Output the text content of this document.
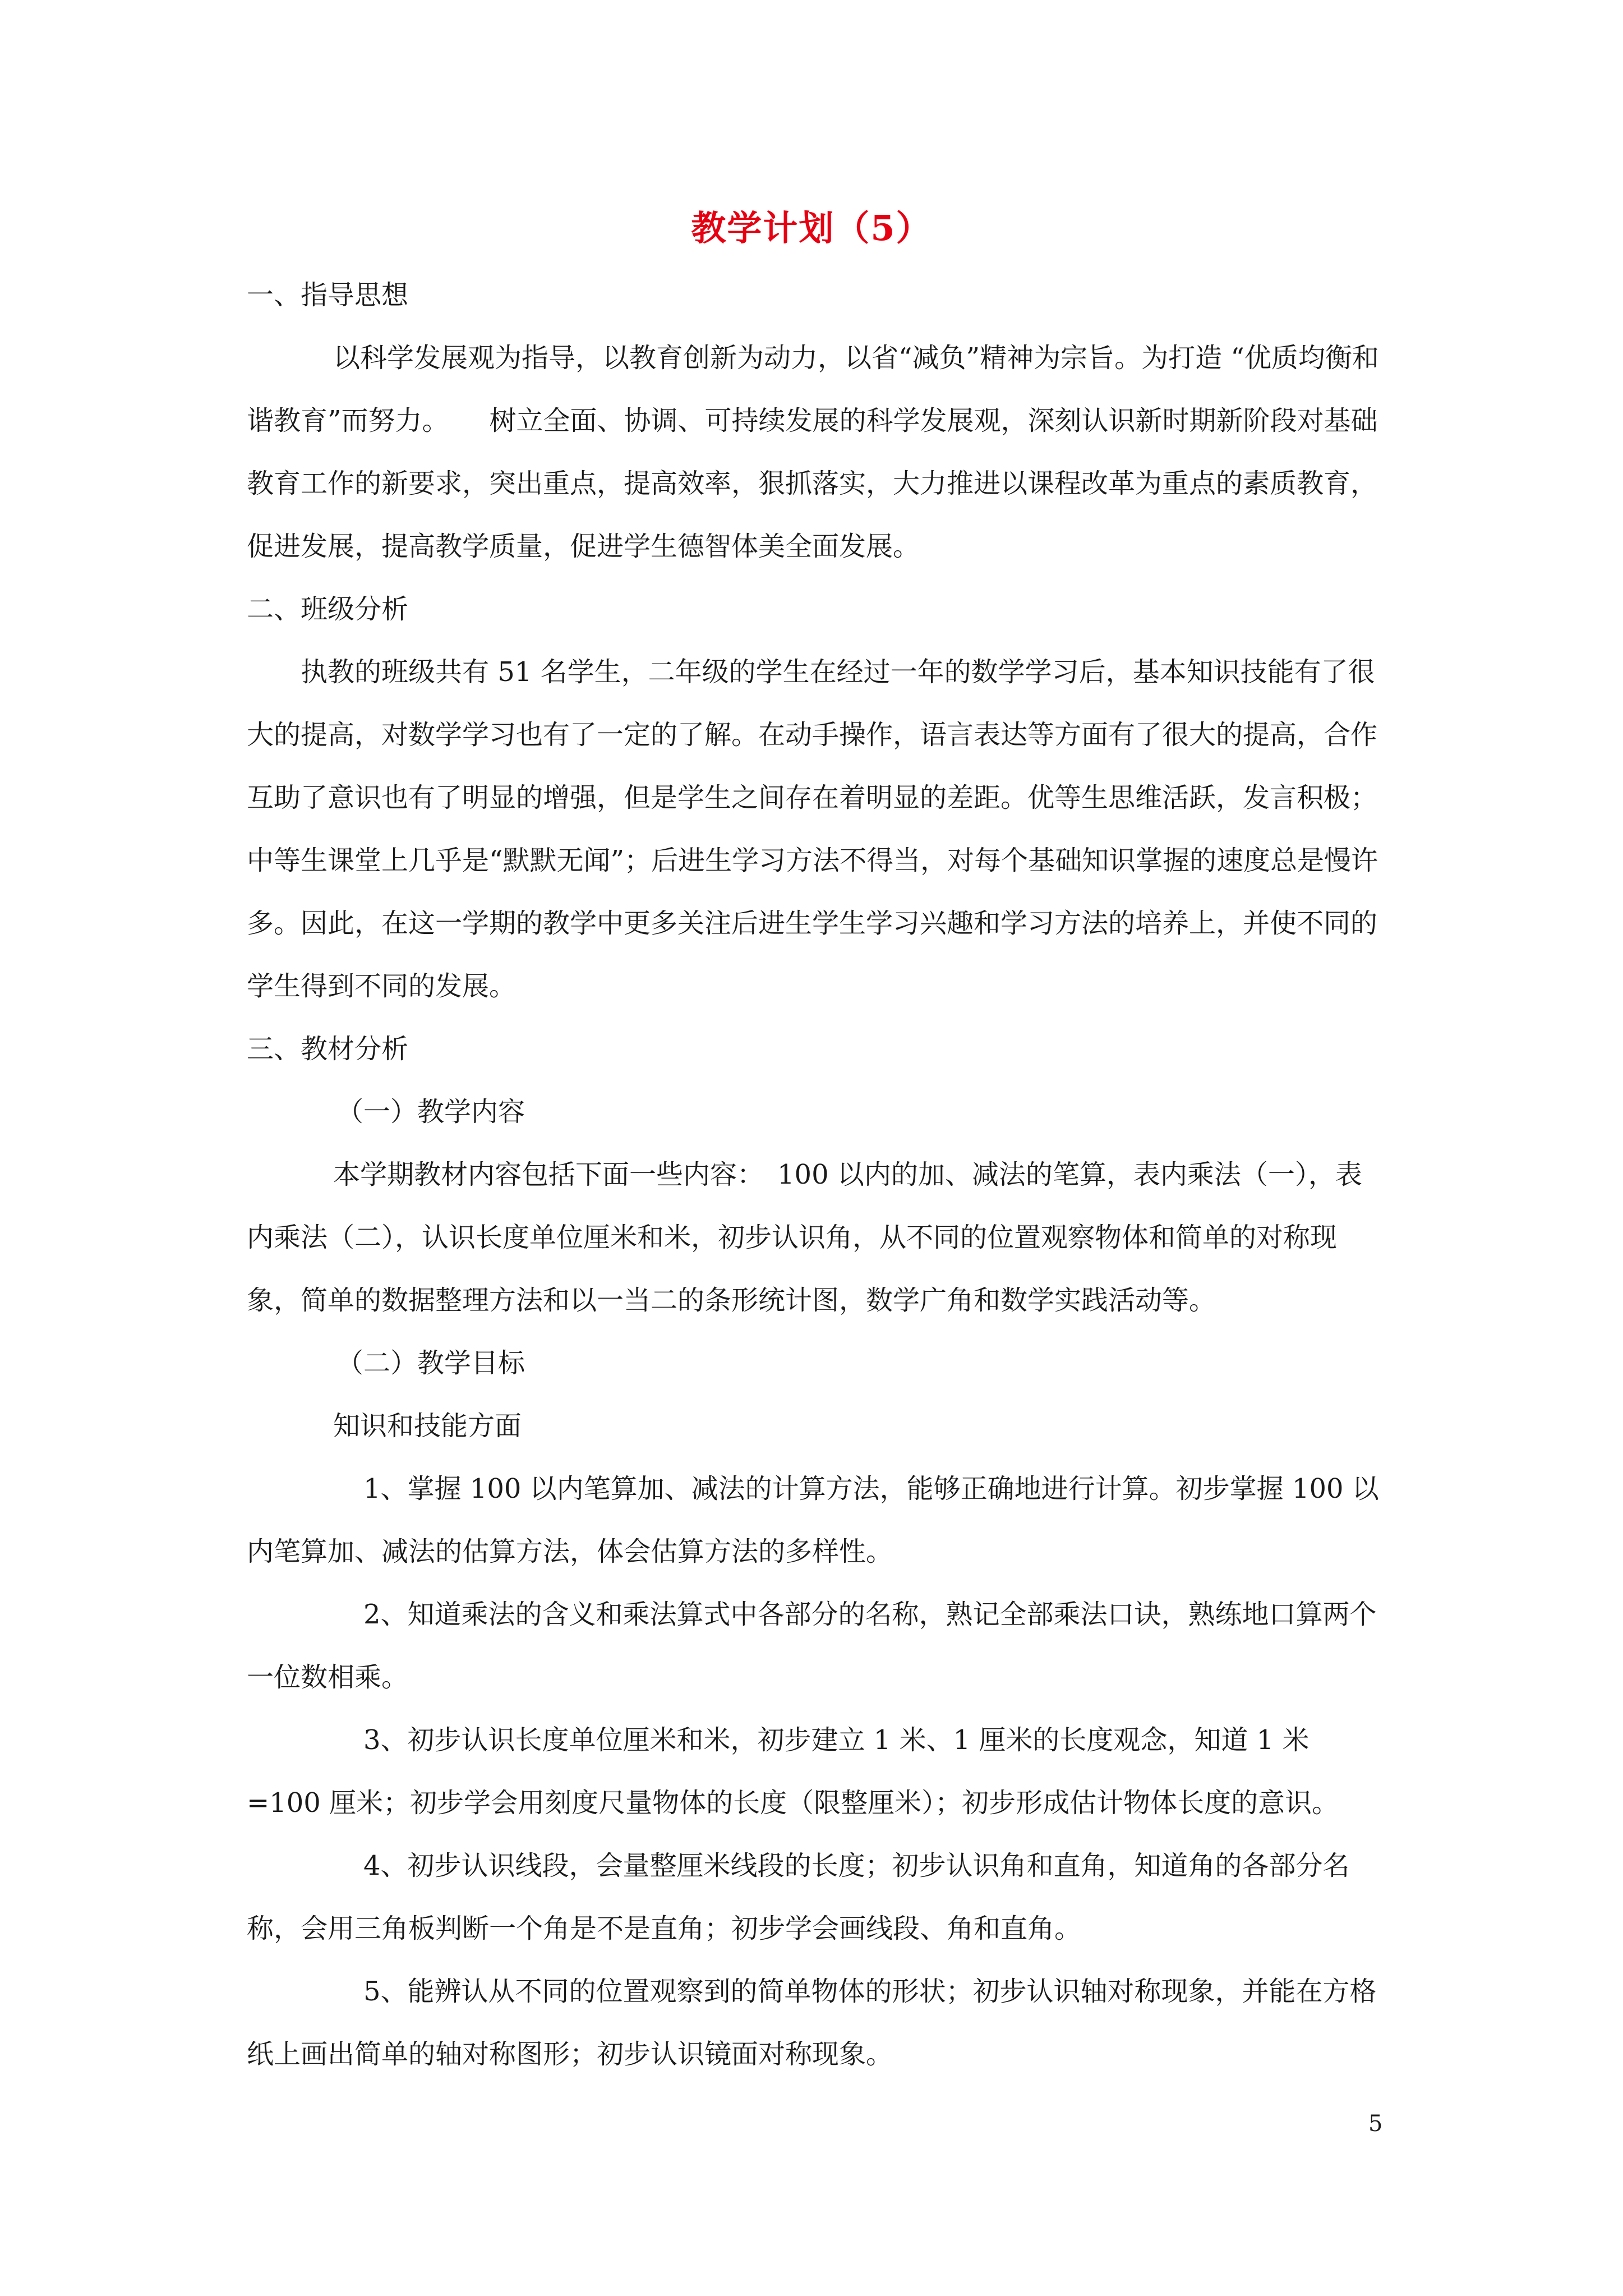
教学计划（5）

一、指导思想

以科学发展观为指导，以教育创新为动力，以省“减负”精神为宗旨。为打造 “优质均衡和谐教育”而努力。　　树立全面、协调、可持续发展的科学发展观，深刻认识新时期新阶段对基础教育工作的新要求，突出重点，提高效率，狠抓落实，大力推进以课程改革为重点的素质教育，促进发展，提高教学质量，促进学生德智体美全面发展。

二、班级分析

执教的班级共有 51 名学生，二年级的学生在经过一年的数学学习后，基本知识技能有了很大的提高，对数学学习也有了一定的了解。在动手操作，语言表达等方面有了很大的提高，合作互助了意识也有了明显的增强，但是学生之间存在着明显的差距。优等生思维活跃，发言积极；中等生课堂上几乎是“默默无闻”；后进生学习方法不得当，对每个基础知识掌握的速度总是慢许多。因此，在这一学期的教学中更多关注后进生学生学习兴趣和学习方法的培养上，并使不同的学生得到不同的发展。

三、教材分析

（一）教学内容

本学期教材内容包括下面一些内容：　100 以内的加、减法的笔算，表内乘法（一），表内乘法（二），认识长度单位厘米和米，初步认识角，从不同的位置观察物体和简单的对称现象，简单的数据整理方法和以一当二的条形统计图，数学广角和数学实践活动等。

（二）教学目标

知识和技能方面

1、掌握 100 以内笔算加、减法的计算方法，能够正确地进行计算。初步掌握 100 以内笔算加、减法的估算方法，体会估算方法的多样性。

2、知道乘法的含义和乘法算式中各部分的名称，熟记全部乘法口诀，熟练地口算两个一位数相乘。

3、初步认识长度单位厘米和米，初步建立 1 米、1 厘米的长度观念，知道 1 米=100 厘米；初步学会用刻度尺量物体的长度（限整厘米）；初步形成估计物体长度的意识。

4、初步认识线段，会量整厘米线段的长度；初步认识角和直角，知道角的各部分名称，会用三角板判断一个角是不是直角；初步学会画线段、角和直角。

5、能辨认从不同的位置观察到的简单物体的形状；初步认识轴对称现象，并能在方格纸上画出简单的轴对称图形；初步认识镜面对称现象。

5
